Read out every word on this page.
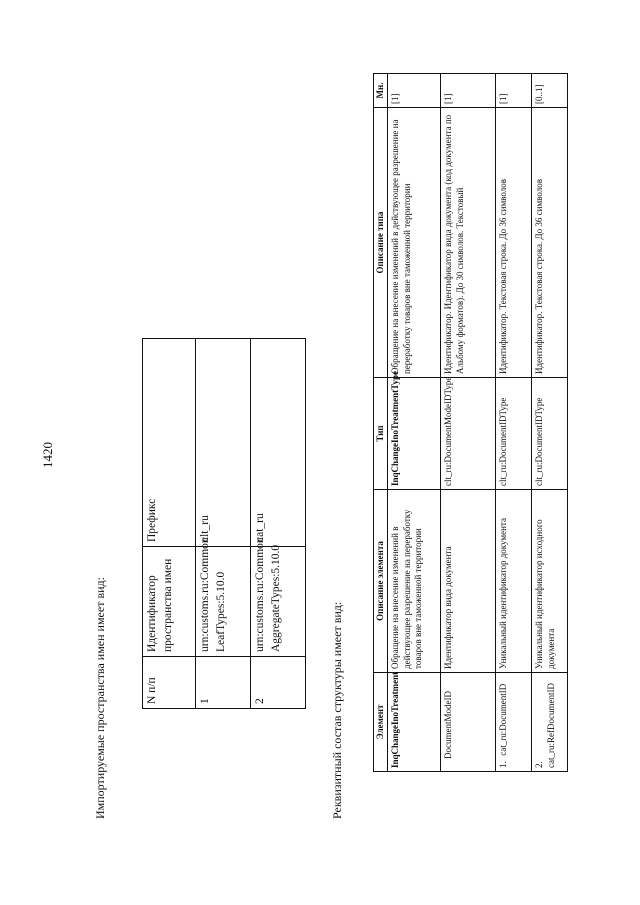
1420
Импортируемые пространства имен имеет вид:	N п/п	Идентификатор пространства имен	Префикс
1	urn:customs.ru:Common LeafTypes:5.10.0	clt_ru
2	urn:customs.ru:Common AggregateTypes:5.10.0	cat_ru
Реквизитный состав структуры имеет вид:	Элемент	Описание элемента	Тип	Описание типа	Мн.
InqChangeInoTreatment	Обращение на внесение изменений в действующее разрешение на переработку товаров вне таможенной территории	InqChangeInoTreatmentType	Обращение на внесение изменений в действующее разрешение на переработку товаров вне таможенной территории	[1]
DocumentModeID	Идентификатор вида документа	clt_ru:DocumentModeIDType	Идентификатор. Идентификатор вида документа (код документа по Альбому форматов). До 30 символов. Текстовый	[1]
1. cat_ru:DocumentID	Уникальный идентификатор документа	clt_ru:DocumentIDType	Идентификатор. Текстовая строка. До 36 символов	[1]
2. cat_ru:RefDocumentID	Уникальный идентификатор исходного документа	clt_ru:DocumentIDType	Идентификатор. Текстовая строка. До 36 символов	[0..1]
